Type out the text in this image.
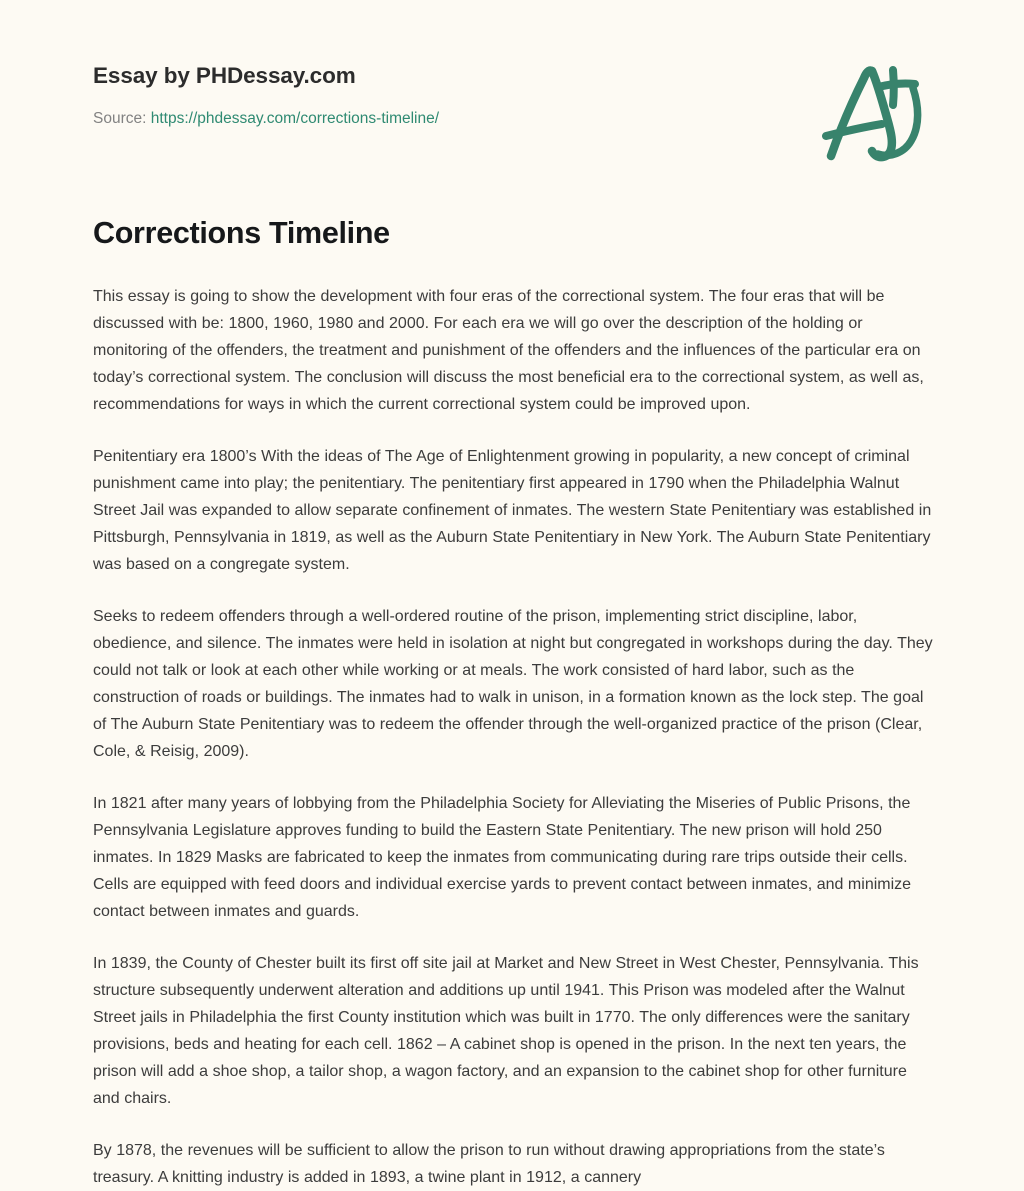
Essay by PHDessay.com
Source: https://phdessay.com/corrections-timeline/
Corrections Timeline

This essay is going to show the development with four eras of the correctional system. The four eras that will be discussed with be: 1800, 1960, 1980 and 2000. For each era we will go over the description of the holding or monitoring of the offenders, the treatment and punishment of the offenders and the influences of the particular era on today’s correctional system. The conclusion will discuss the most beneficial era to the correctional system, as well as, recommendations for ways in which the current correctional system could be improved upon.

Penitentiary era 1800’s With the ideas of The Age of Enlightenment growing in popularity, a new concept of criminal punishment came into play; the penitentiary. The penitentiary first appeared in 1790 when the Philadelphia Walnut Street Jail was expanded to allow separate confinement of inmates. The western State Penitentiary was established in Pittsburgh, Pennsylvania in 1819, as well as the Auburn State Penitentiary in New York. The Auburn State Penitentiary was based on a congregate system.

Seeks to redeem offenders through a well-ordered routine of the prison, implementing strict discipline, labor, obedience, and silence. The inmates were held in isolation at night but congregated in workshops during the day. They could not talk or look at each other while working or at meals. The work consisted of hard labor, such as the construction of roads or buildings. The inmates had to walk in unison, in a formation known as the lock step. The goal of The Auburn State Penitentiary was to redeem the offender through the well-organized practice of the prison (Clear, Cole, & Reisig, 2009).

In 1821 after many years of lobbying from the Philadelphia Society for Alleviating the Miseries of Public Prisons, the Pennsylvania Legislature approves funding to build the Eastern State Penitentiary. The new prison will hold 250 inmates. In 1829 Masks are fabricated to keep the inmates from communicating during rare trips outside their cells. Cells are equipped with feed doors and individual exercise yards to prevent contact between inmates, and minimize contact between inmates and guards.

In 1839, the County of Chester built its first off site jail at Market and New Street in West Chester, Pennsylvania. This structure subsequently underwent alteration and additions up until 1941. This Prison was modeled after the Walnut Street jails in Philadelphia the first County institution which was built in 1770. The only differences were the sanitary provisions, beds and heating for each cell. 1862 – A cabinet shop is opened in the prison. In the next ten years, the prison will add a shoe shop, a tailor shop, a wagon factory, and an expansion to the cabinet shop for other furniture and chairs.

By 1878, the revenues will be sufficient to allow the prison to run without drawing appropriations from the state’s treasury. A knitting industry is added in 1893, a twine plant in 1912, a cannery
